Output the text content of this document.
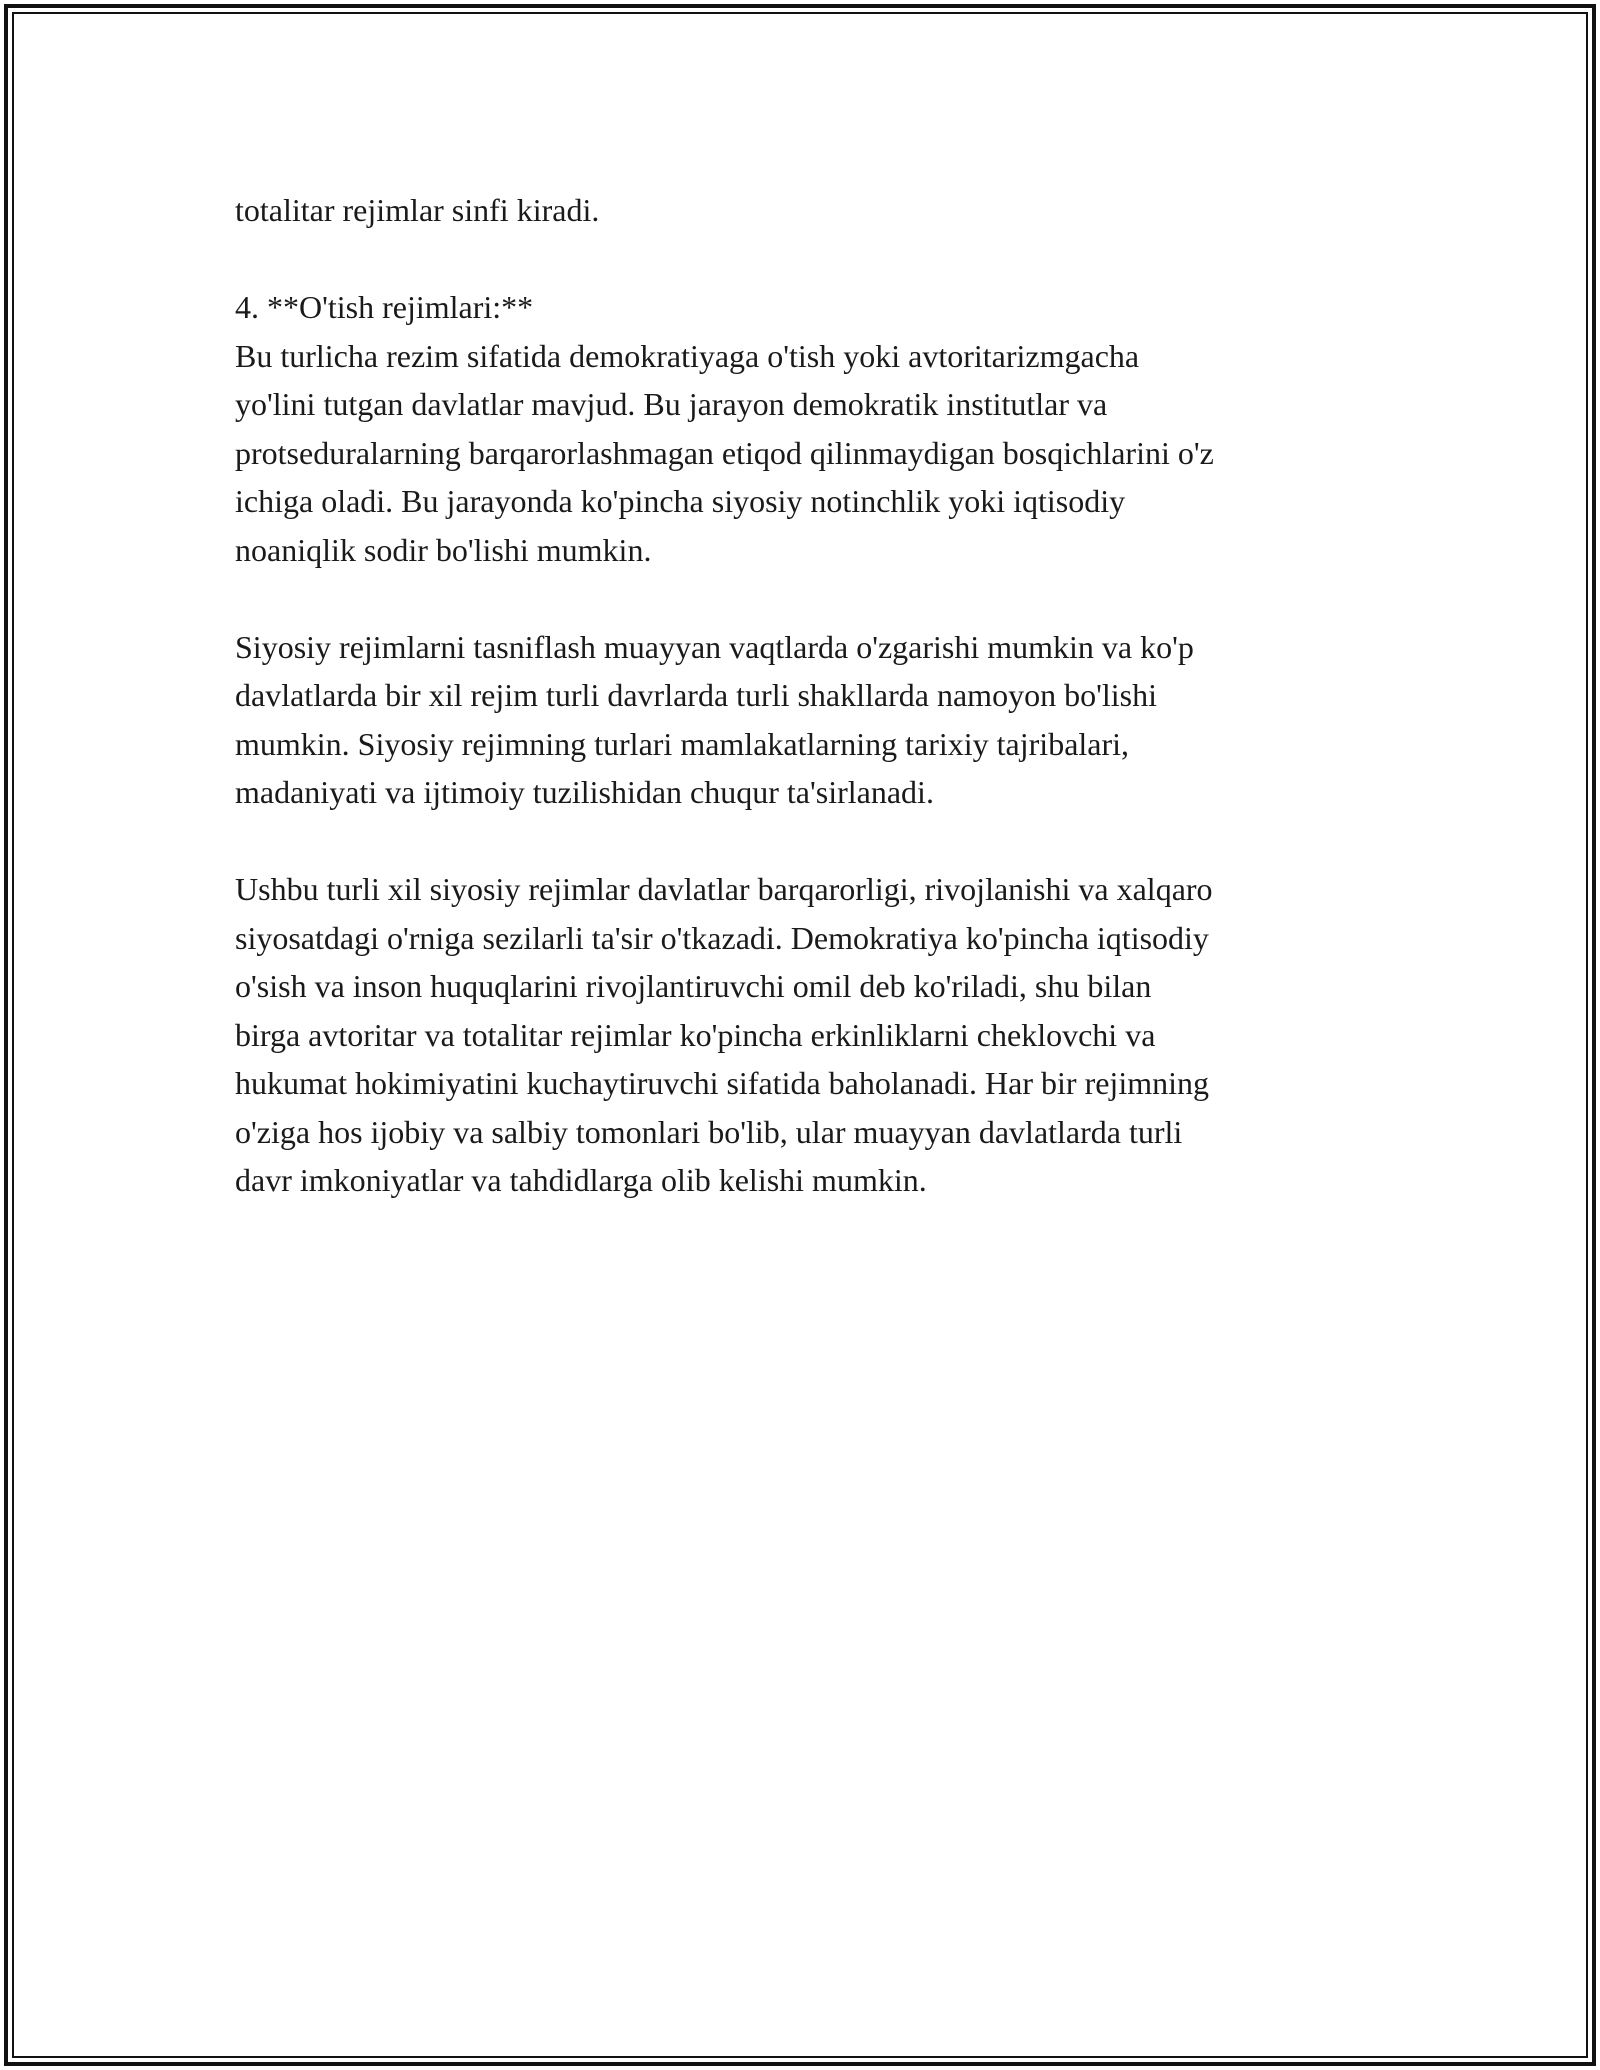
totalitar rejimlar sinfi kiradi.
4. **O'tish rejimlari:**
Bu turlicha rezim sifatida demokratiyaga o'tish yoki avtoritarizmgacha
yo'lini tutgan davlatlar mavjud. Bu jarayon demokratik institutlar va
protseduralarning barqarorlashmagan etiqod qilinmaydigan bosqichlarini o'z
ichiga oladi. Bu jarayonda ko'pincha siyosiy notinchlik yoki iqtisodiy
noaniqlik sodir bo'lishi mumkin.
Siyosiy rejimlarni tasniflash muayyan vaqtlarda o'zgarishi mumkin va ko'p
davlatlarda bir xil rejim turli davrlarda turli shakllarda namoyon bo'lishi
mumkin. Siyosiy rejimning turlari mamlakatlarning tarixiy tajribalari,
madaniyati va ijtimoiy tuzilishidan chuqur ta'sirlanadi.
Ushbu turli xil siyosiy rejimlar davlatlar barqarorligi, rivojlanishi va xalqaro
siyosatdagi o'rniga sezilarli ta'sir o'tkazadi. Demokratiya ko'pincha iqtisodiy
o'sish va inson huquqlarini rivojlantiruvchi omil deb ko'riladi, shu bilan
birga avtoritar va totalitar rejimlar ko'pincha erkinliklarni cheklovchi va
hukumat hokimiyatini kuchaytiruvchi sifatida baholanadi. Har bir rejimning
o'ziga hos ijobiy va salbiy tomonlari bo'lib, ular muayyan davlatlarda turli
davr imkoniyatlar va tahdidlarga olib kelishi mumkin.
